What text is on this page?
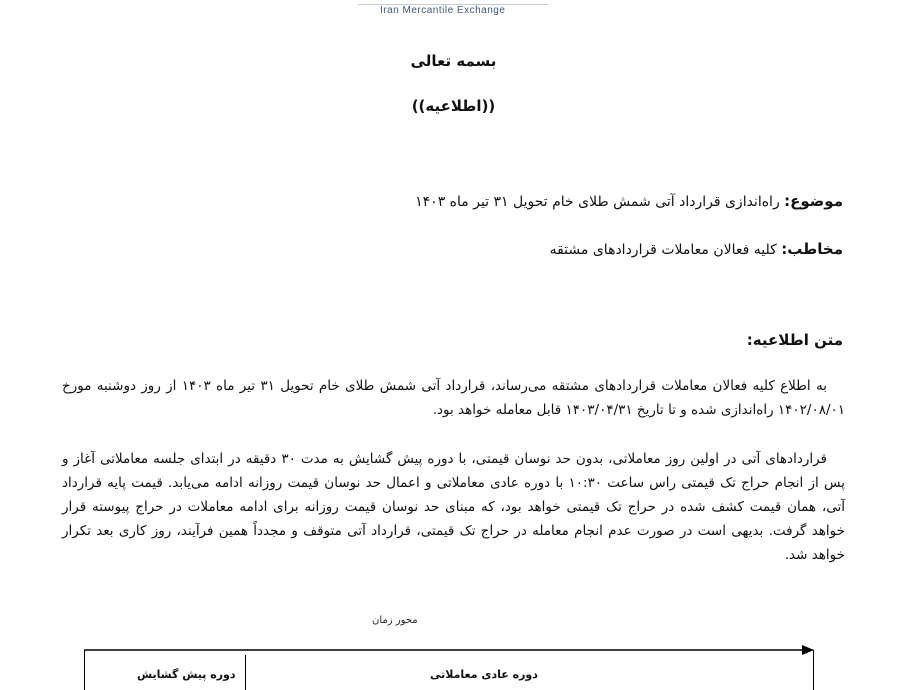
Iran Mercantile Exchange
بسمه تعالی
((اطلاعیه))
موضوع: راه‌اندازی قرارداد آتی شمش طلای خام تحویل ۳۱ تیر ماه ۱۴۰۳
مخاطب: کلیه فعالان معاملات قراردادهای مشتقه
متن اطلاعیه:
به اطلاع کلیه فعالان معاملات قراردادهای مشتقه می‌رساند، قرارداد آتی شمش طلای خام تحویل ۳۱ تیر ماه ۱۴۰۳ از روز دوشنبه مورخ ۱۴۰۲/۰۸/۰۱ راه‌اندازی شده و تا تاریخ ۱۴۰۳/۰۴/۳۱ قابل معامله خواهد بود.
قراردادهای آتی در اولین روز معاملاتی، بدون حد نوسان قیمتی، با دوره پیش گشایش به مدت ۳۰ دقیقه در ابتدای جلسه معاملاتی آغاز و پس از انجام حراج تک قیمتی راس ساعت ۱۰:۳۰ با دوره عادی معاملاتی و اعمال حد نوسان قیمت روزانه ادامه می‌یابد. قیمت پایه قرارداد آتی، همان قیمت کشف شده در حراج تک قیمتی خواهد بود، که مبنای حد نوسان قیمت روزانه برای ادامه معاملات در حراج پیوسته قرار خواهد گرفت. بدیهی است در صورت عدم انجام معامله در حراج تک قیمتی، قرارداد آتی متوقف و مجدداً همین فرآیند، روز کاری بعد تکرار خواهد شد.
محور زمان
دوره پیش گشایش	دوره عادی معاملاتی
